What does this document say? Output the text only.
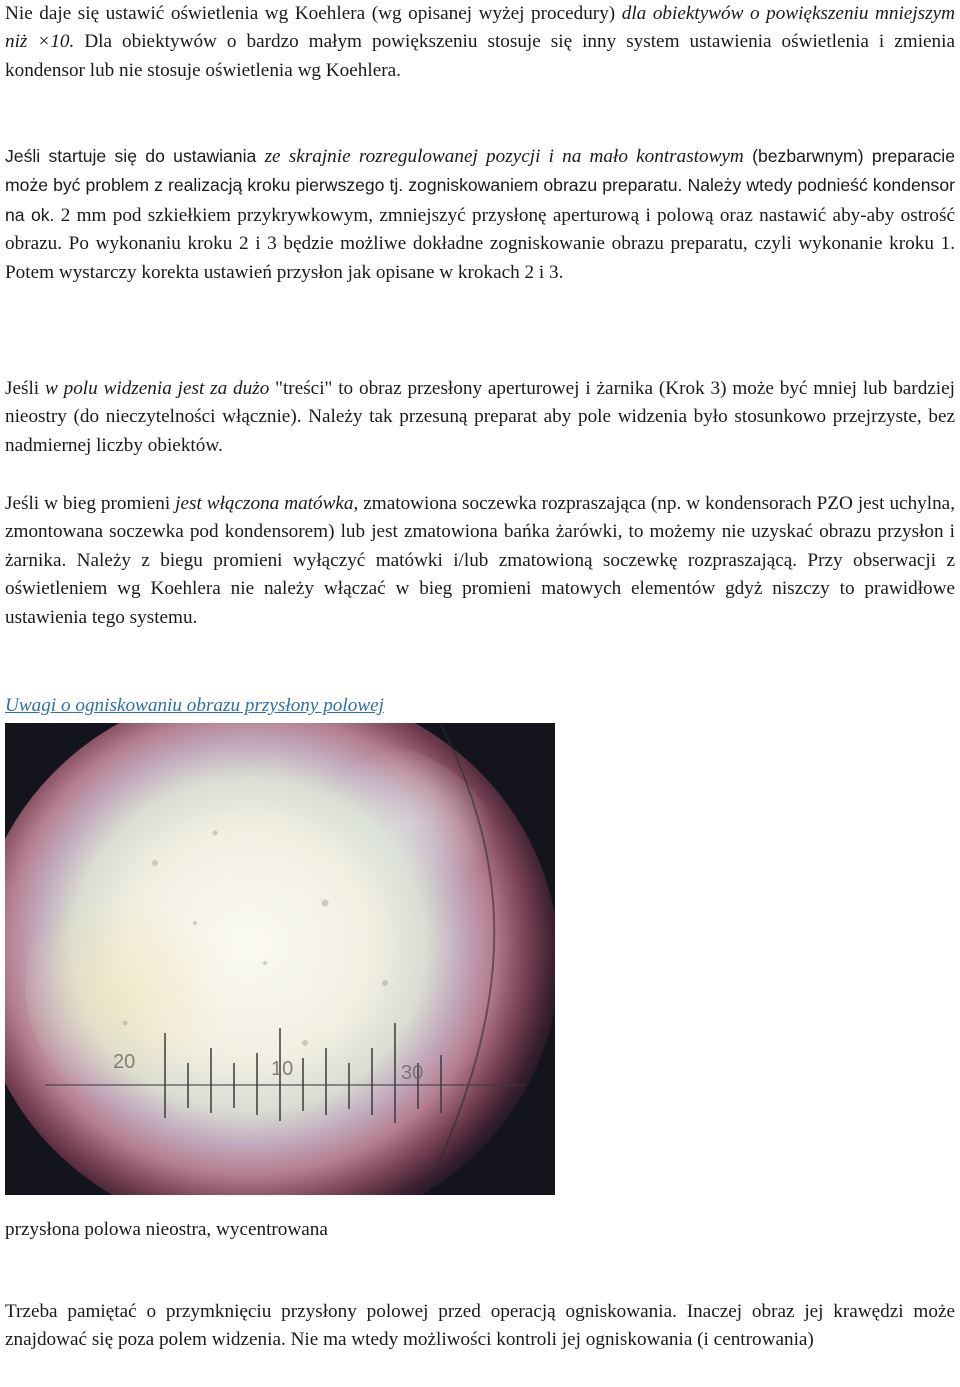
Nie daje się ustawić oświetlenia wg Koehlera (wg opisanej wyżej procedury) dla obiektywów o powiększeniu mniejszym niż ×10. Dla obiektywów o bardzo małym powiększeniu stosuje się inny system ustawienia oświetlenia i zmienia kondensor lub nie stosuje oświetlenia wg Koehlera.

Jeśli startuje się do ustawiania ze skrajnie rozregulowanej pozycji i na mało kontrastowym (bezbarwnym) preparacie może być problem z realizacją kroku pierwszego tj. zogniskowaniem obrazu preparatu. Należy wtedy podnieść kondensor na ok. 2 mm pod szkiełkiem przykrywkowym, zmniejszyć przysłonę aperturową i polową oraz nastawić aby-aby ostrość obrazu. Po wykonaniu kroku 2 i 3 będzie możliwe dokładne zogniskowanie obrazu preparatu, czyli wykonanie kroku 1. Potem wystarczy korekta ustawień przysłon jak opisane w krokach 2 i 3.

Jeśli w polu widzenia jest za dużo "treści" to obraz przesłony aperturowej i żarnika (Krok 3) może być mniej lub bardziej nieostry (do nieczytelności włącznie). Należy tak przesuną preparat aby pole widzenia było stosunkowo przejrzyste, bez nadmiernej liczby obiektów.

Jeśli w bieg promieni jest włączona matówka, zmatowiona soczewka rozpraszająca (np. w kondensorach PZO jest uchylna, zmontowana soczewka pod kondensorem) lub jest zmatowiona bańka żarówki, to możemy nie uzyskać obrazu przysłon i żarnika. Należy z biegu promieni wyłączyć matówki i/lub zmatowioną soczewkę rozpraszającą. Przy obserwacji z oświetleniem wg Koehlera nie należy włączać w bieg promieni matowych elementów gdyż niszczy to prawidłowe ustawienia tego systemu.

Uwagi o ogniskowaniu obrazu przysłony polowej

20	10	30

przysłona polowa nieostra, wycentrowana

Trzeba pamiętać o przymknięciu przysłony polowej przed operacją ogniskowania. Inaczej obraz jej krawędzi może znajdować się poza polem widzenia. Nie ma wtedy możliwości kontroli jej ogniskowania (i centrowania)
